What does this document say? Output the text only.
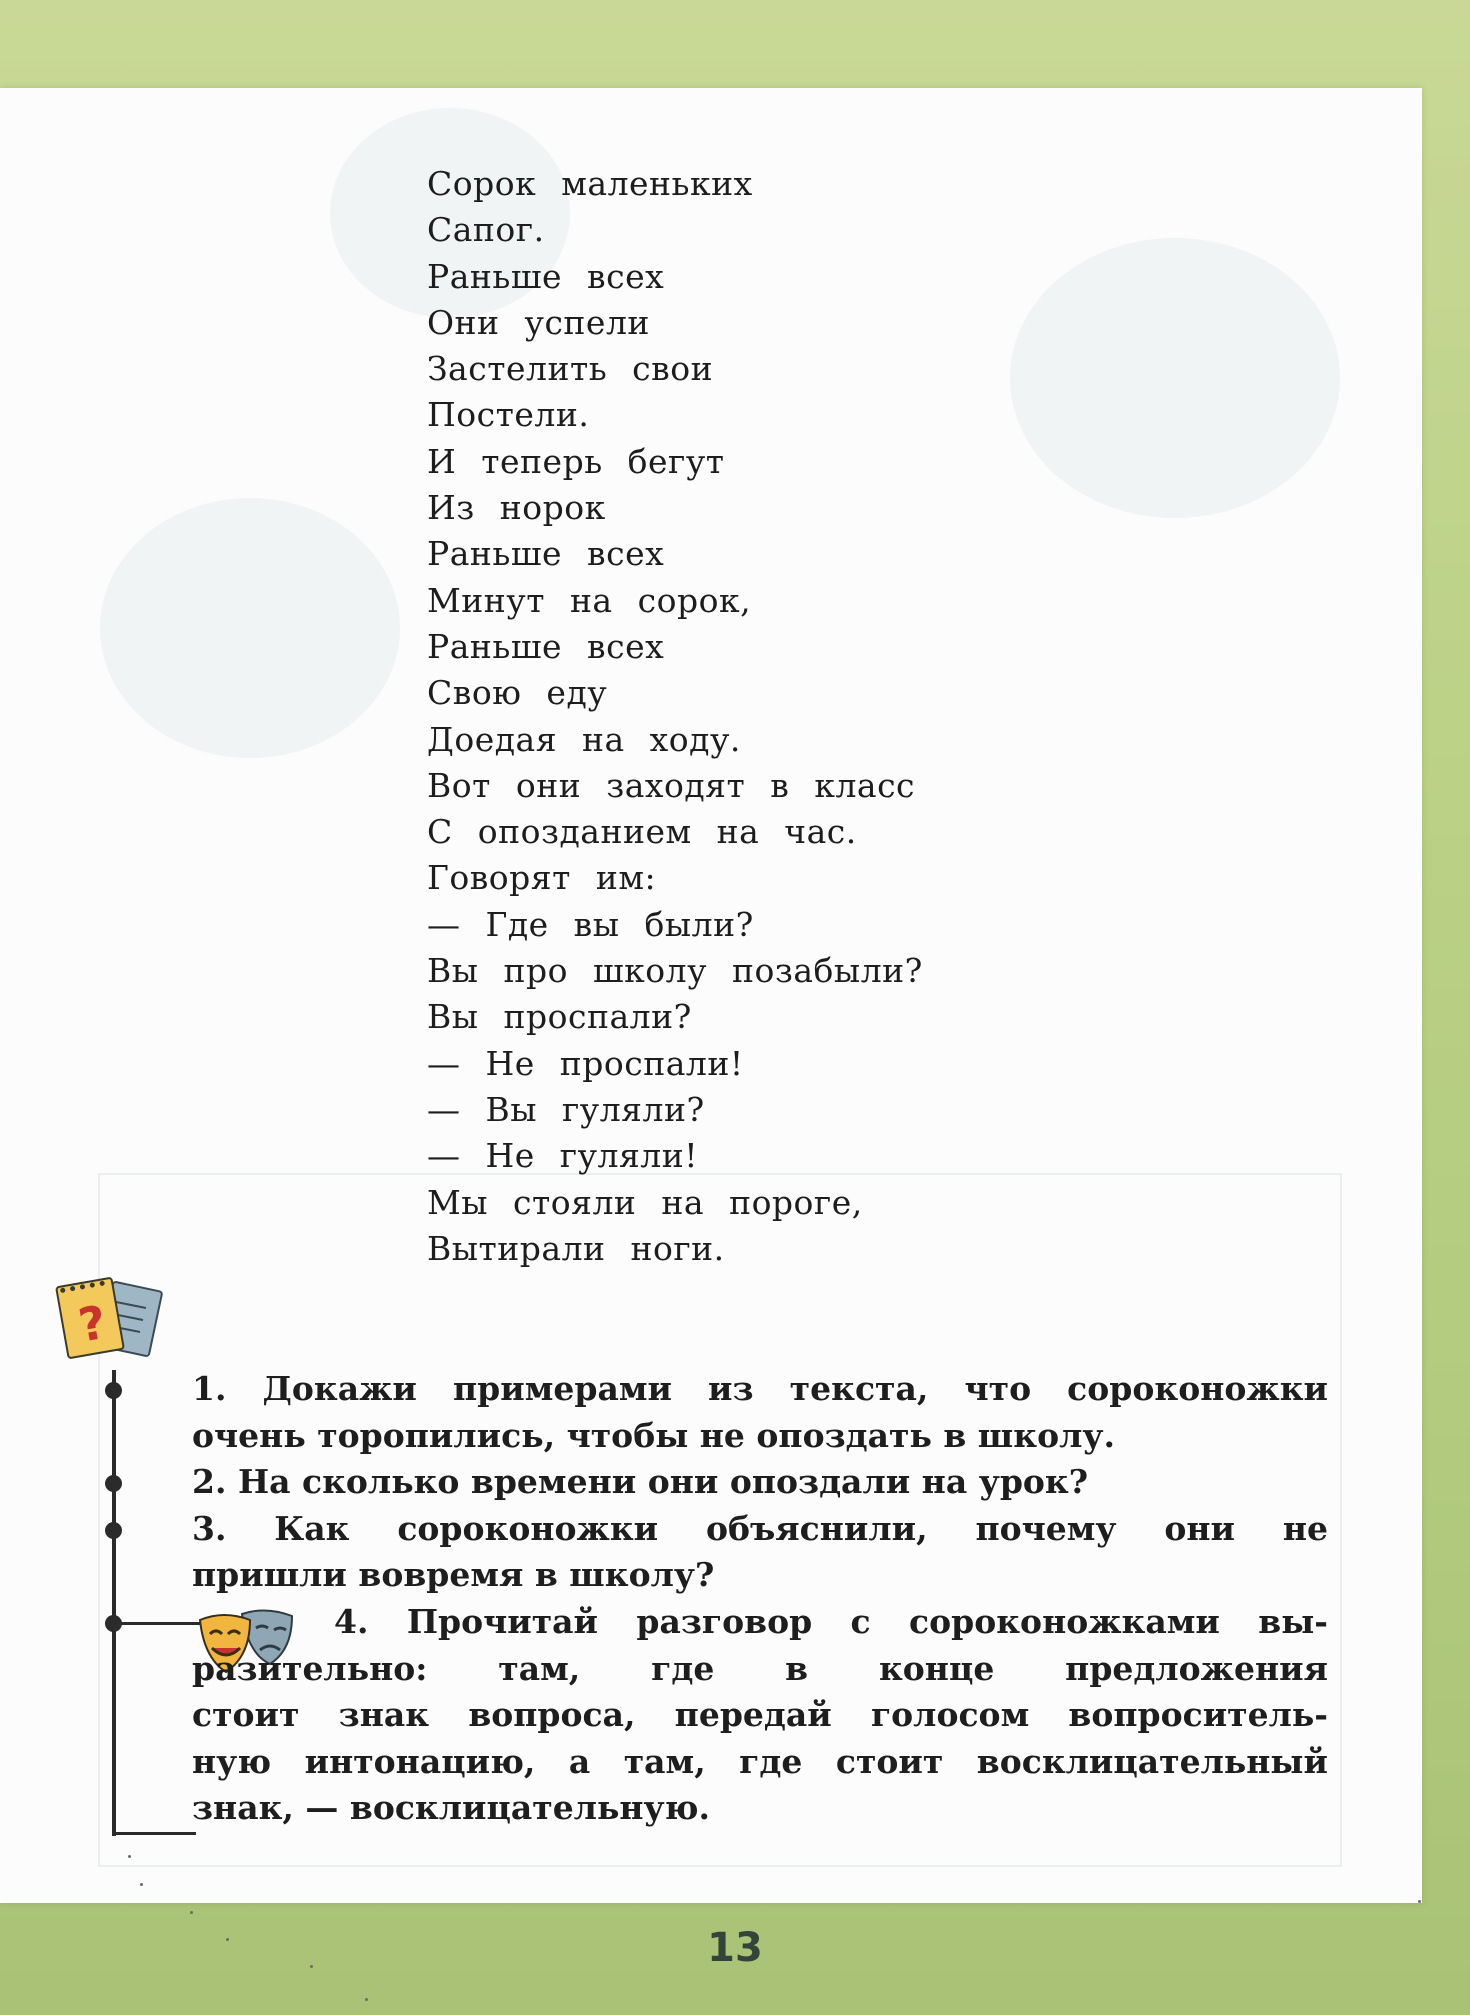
Сорок маленьких
Сапог.
Раньше всех
Они успели
Застелить свои
Постели.
И теперь бегут
Из норок
Раньше всех
Минут на сорок,
Раньше всех
Свою еду
Доедая на ходу.
Вот они заходят в класс
С опозданием на час.
Говорят им:
— Где вы были?
Вы про школу позабыли?
Вы проспали?
— Не проспали!
— Вы гуляли?
— Не гуляли!
Мы стояли на пороге,
Вытирали ноги.
?

1. Докажи примерами из текста, что сороконожки

очень торопились, чтобы не опоздать в школу.

2. На сколько времени они опоздали на урок?

3. Как сороконожки объяснили, почему они не

пришли вовремя в школу?

4. Прочитай разговор с сороконожками вы-

разительно: там, где в конце предложения

стоит знак вопроса, передай голосом вопроситель-

ную интонацию, а там, где стоит восклицательный

знак, — восклицательную.

13
